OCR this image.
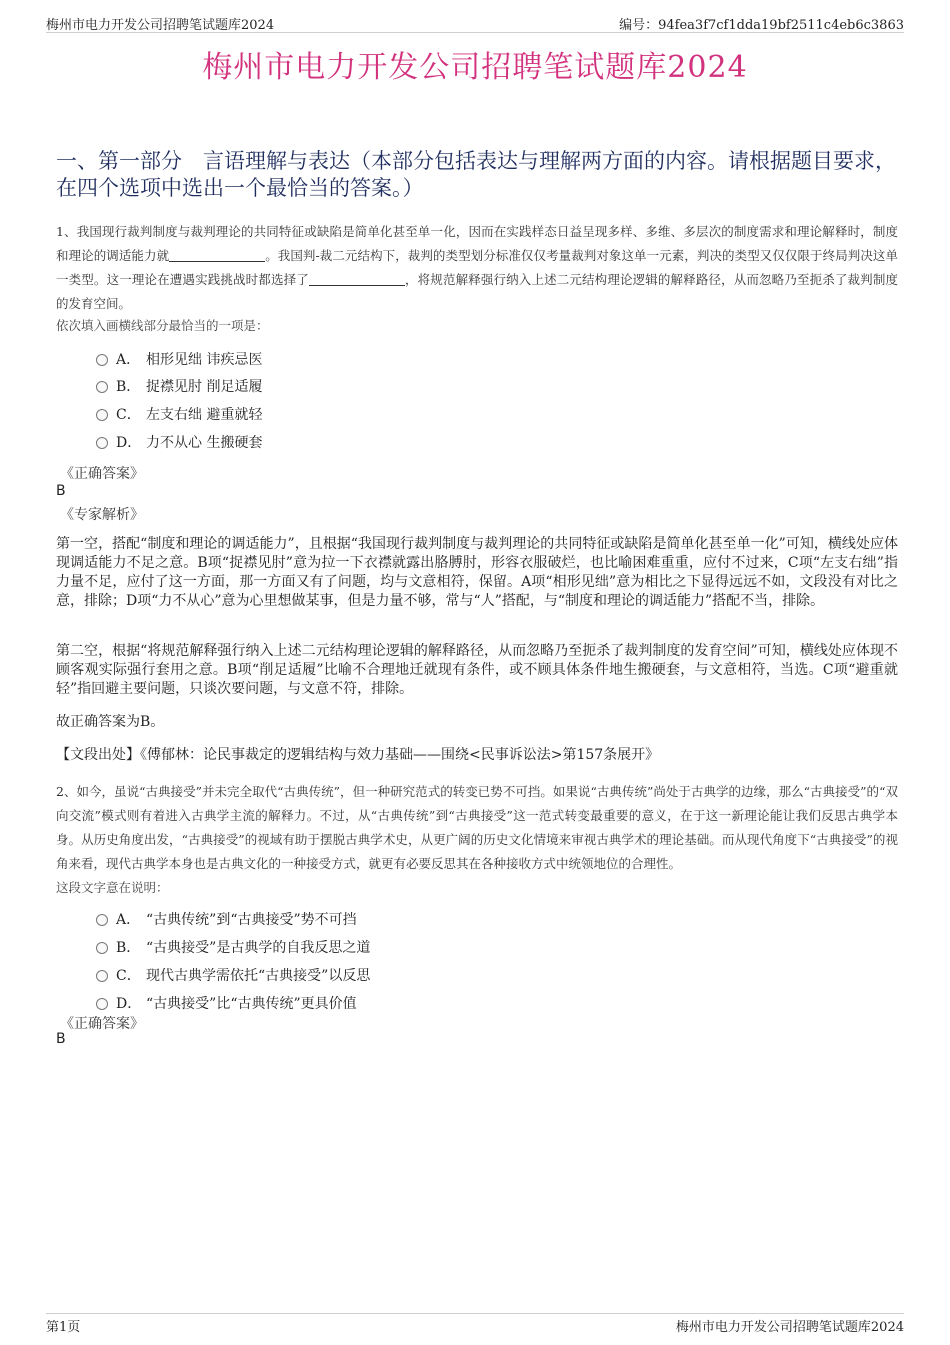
梅州市电力开发公司招聘笔试题库2024	编号：94fea3f7cf1dda19bf2511c4eb6c3863
梅州市电力开发公司招聘笔试题库2024
一、第一部分　言语理解与表达（本部分包括表达与理解两方面的内容。请根据题目要求，在四个选项中选出一个最恰当的答案。）
1、我国现行裁判制度与裁判理论的共同特征或缺陷是简单化甚至单一化，因而在实践样态日益呈现多样、多维、多层次的制度需求和理论解释时，制度和理论的调适能力就	。我国判-裁二元结构下，裁判的类型划分标准仅仅考量裁判对象这单一元素，判决的类型又仅仅限于终局判决这单一类型。这一理论在遭遇实践挑战时都选择了	，将规范解释强行纳入上述二元结构理论逻辑的解释路径，从而忽略乃至扼杀了裁判制度的发育空间。
依次填入画横线部分最恰当的一项是：
A． 相形见绌 讳疾忌医
B． 捉襟见肘 削足适履
C． 左支右绌 避重就轻
D． 力不从心 生搬硬套
《正确答案》
B
《专家解析》
第一空，搭配“制度和理论的调适能力”，且根据“我国现行裁判制度与裁判理论的共同特征或缺陷是简单化甚至单一化”可知，横线处应体现调适能力不足之意。B项“捉襟见肘”意为拉一下衣襟就露出胳膊肘，形容衣服破烂，也比喻困难重重，应付不过来，C项“左支右绌”指力量不足，应付了这一方面，那一方面又有了问题，均与文意相符，保留。A项“相形见绌”意为相比之下显得远远不如，文段没有对比之意，排除；D项“力不从心”意为心里想做某事，但是力量不够，常与“人”搭配，与“制度和理论的调适能力”搭配不当，排除。
第二空，根据“将规范解释强行纳入上述二元结构理论逻辑的解释路径，从而忽略乃至扼杀了裁判制度的发育空间”可知，横线处应体现不顾客观实际强行套用之意。B项“削足适履”比喻不合理地迁就现有条件，或不顾具体条件地生搬硬套，与文意相符，当选。C项“避重就轻”指回避主要问题，只谈次要问题，与文意不符，排除。
故正确答案为B。
【文段出处】《傅郁林：论民事裁定的逻辑结构与效力基础——围绕<民事诉讼法>第157条展开》
2、如今，虽说“古典接受”并未完全取代“古典传统”，但一种研究范式的转变已势不可挡。如果说“古典传统”尚处于古典学的边缘，那么“古典接受”的“双向交流”模式则有着进入古典学主流的解释力。不过，从“古典传统”到“古典接受”这一范式转变最重要的意义，在于这一新理论能让我们反思古典学本身。从历史角度出发，“古典接受”的视域有助于摆脱古典学术史，从更广阔的历史文化情境来审视古典学术的理论基础。而从现代角度下“古典接受”的视角来看，现代古典学本身也是古典文化的一种接受方式，就更有必要反思其在各种接收方式中统领地位的合理性。
这段文字意在说明：
A． “古典传统”到“古典接受”势不可挡
B． “古典接受”是古典学的自我反思之道
C． 现代古典学需依托“古典接受”以反思
D． “古典接受”比“古典传统”更具价值
《正确答案》
B
第1页	梅州市电力开发公司招聘笔试题库2024
